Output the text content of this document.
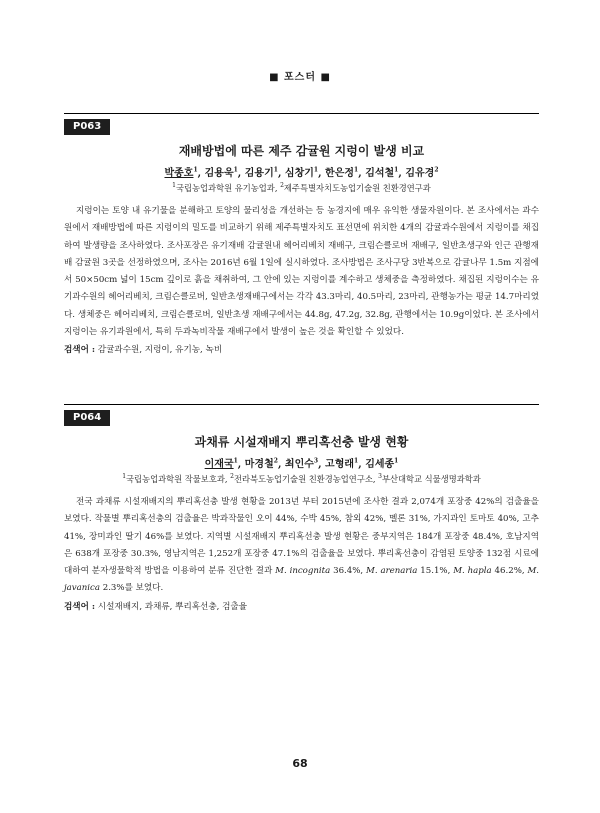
■ 포스터 ■
P063
재배방법에 따른 제주 감귤원 지렁이 발생 비교
박종호$^1$, 김용욱$^1$, 김용기$^1$, 심창기$^1$, 한은정$^1$, 김석철$^1$, 김유경$^2$
$^1$국립농업과학원 유기농업과, $^2$제주특별자치도농업기술원 친환경연구과
지렁이는 토양 내 유기물을 분해하고 토양의 물리성을 개선하는 등 농경지에 매우 유익한 생물자원이다. 본 조사에서는 과수원에서 재배방법에 따른 지렁이의 밀도를 비교하기 위해 제주특별자치도 표선면에 위치한 4개의 감귤과수원에서 지렁이를 채집하여 발생량을 조사하였다. 조사포장은 유기재배 감귤원내 헤어리베치 재배구, 크림슨클로버 재배구, 일반초생구와 인근 관행재배 감귤원 3곳을 선정하였으며, 조사는 2016년 6월 1일에 실시하였다. 조사방법은 조사구당 3반복으로 감귤나무 1.5m 지점에서 50×50cm 넓이 15cm 깊이로 흙을 채취하여, 그 안에 있는 지렁이를 계수하고 생체중을 측정하였다. 채집된 지렁이수는 유기과수원의 헤어리베치, 크림슨클로버, 일반초생재배구에서는 각각 43.3마리, 40.5마리, 23마리, 관행농가는 평균 14.7마리였다. 생체중은 헤어리베치, 크림슨클로버, 일반초생 재배구에서는 44.8g, 47.2g, 32.8g, 관행에서는 10.9g이었다. 본 조사에서 지렁이는 유기과원에서, 특히 두과녹비작물 재배구에서 발생이 높은 것을 확인할 수 있었다.
검색어 : 감귤과수원, 지렁이, 유기농, 녹비
P064
과채류 시설재배지 뿌리혹선충 발생 현황
이재국$^1$, 마경철$^2$, 최인수$^3$, 고형래$^1$, 김세종$^1$
$^1$국립농업과학원 작물보호과, $^2$전라북도농업기술원 친환경농업연구소, $^3$부산대학교 식물생명과학과
전국 과채류 시설재배지의 뿌리혹선충 발생 현황을 2013년 부터 2015년에 조사한 결과 2,074개 포장중 42%의 검출율을 보였다. 작물별 뿌리혹선충의 검출율은 박과작물인 오이 44%, 수박 45%, 참외 42%, 멜론 31%, 가지과인 토마토 40%, 고추 41%, 장미과인 딸기 46%를 보였다. 지역별 시설재배지 뿌리혹선충 발생 현황은 중부지역은 184개 포장중 48.4%, 호남지역은 638개 포장중 30.3%, 영남지역은 1,252개 포장중 47.1%의 검출율을 보였다. 뿌리혹선충이 감염된 토양중 132점 시료에 대하여 분자생물학적 방법을 이용하여 분류 진단한 결과 M. incognita 36.4%, M. arenaria 15.1%, M. hapla 46.2%, M. javanica 2.3%를 보였다.
검색어 : 시설재배지, 과채류, 뿌리혹선충, 검출율
68
